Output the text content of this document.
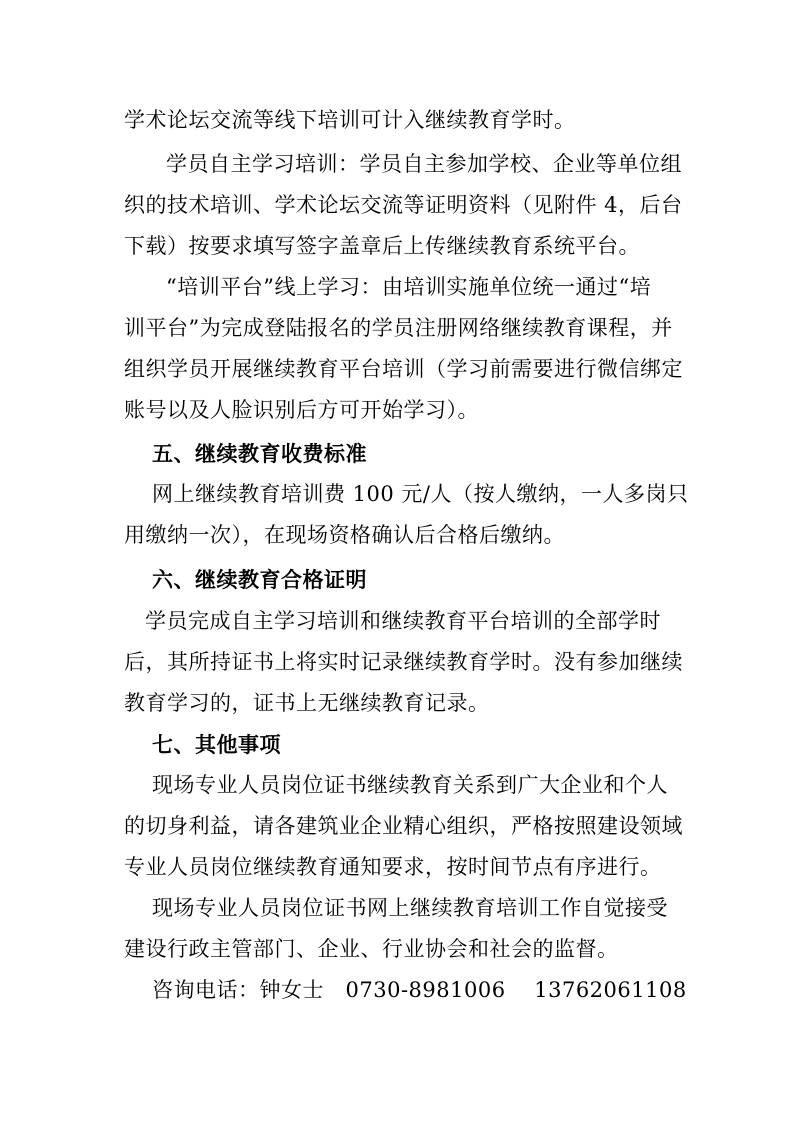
学术论坛交流等线下培训可计入继续教育学时。
学员自主学习培训：学员自主参加学校、企业等单位组
织的技术培训、学术论坛交流等证明资料（见附件 4，后台
下载）按要求填写签字盖章后上传继续教育系统平台。
“培训平台”线上学习：由培训实施单位统一通过“培
训平台”为完成登陆报名的学员注册网络继续教育课程，并
组织学员开展继续教育平台培训（学习前需要进行微信绑定
账号以及人脸识别后方可开始学习）。
五、继续教育收费标准
网上继续教育培训费 100 元/人（按人缴纳，一人多岗只
用缴纳一次），在现场资格确认后合格后缴纳。
六、继续教育合格证明
学员完成自主学习培训和继续教育平台培训的全部学时
后，其所持证书上将实时记录继续教育学时。没有参加继续
教育学习的，证书上无继续教育记录。
七、其他事项
现场专业人员岗位证书继续教育关系到广大企业和个人
的切身利益，请各建筑业企业精心组织，严格按照建设领域
专业人员岗位继续教育通知要求，按时间节点有序进行。
现场专业人员岗位证书网上继续教育培训工作自觉接受
建设行政主管部门、企业、行业协会和社会的监督。
咨询电话：钟女士　0730-8981006　 13762061108
